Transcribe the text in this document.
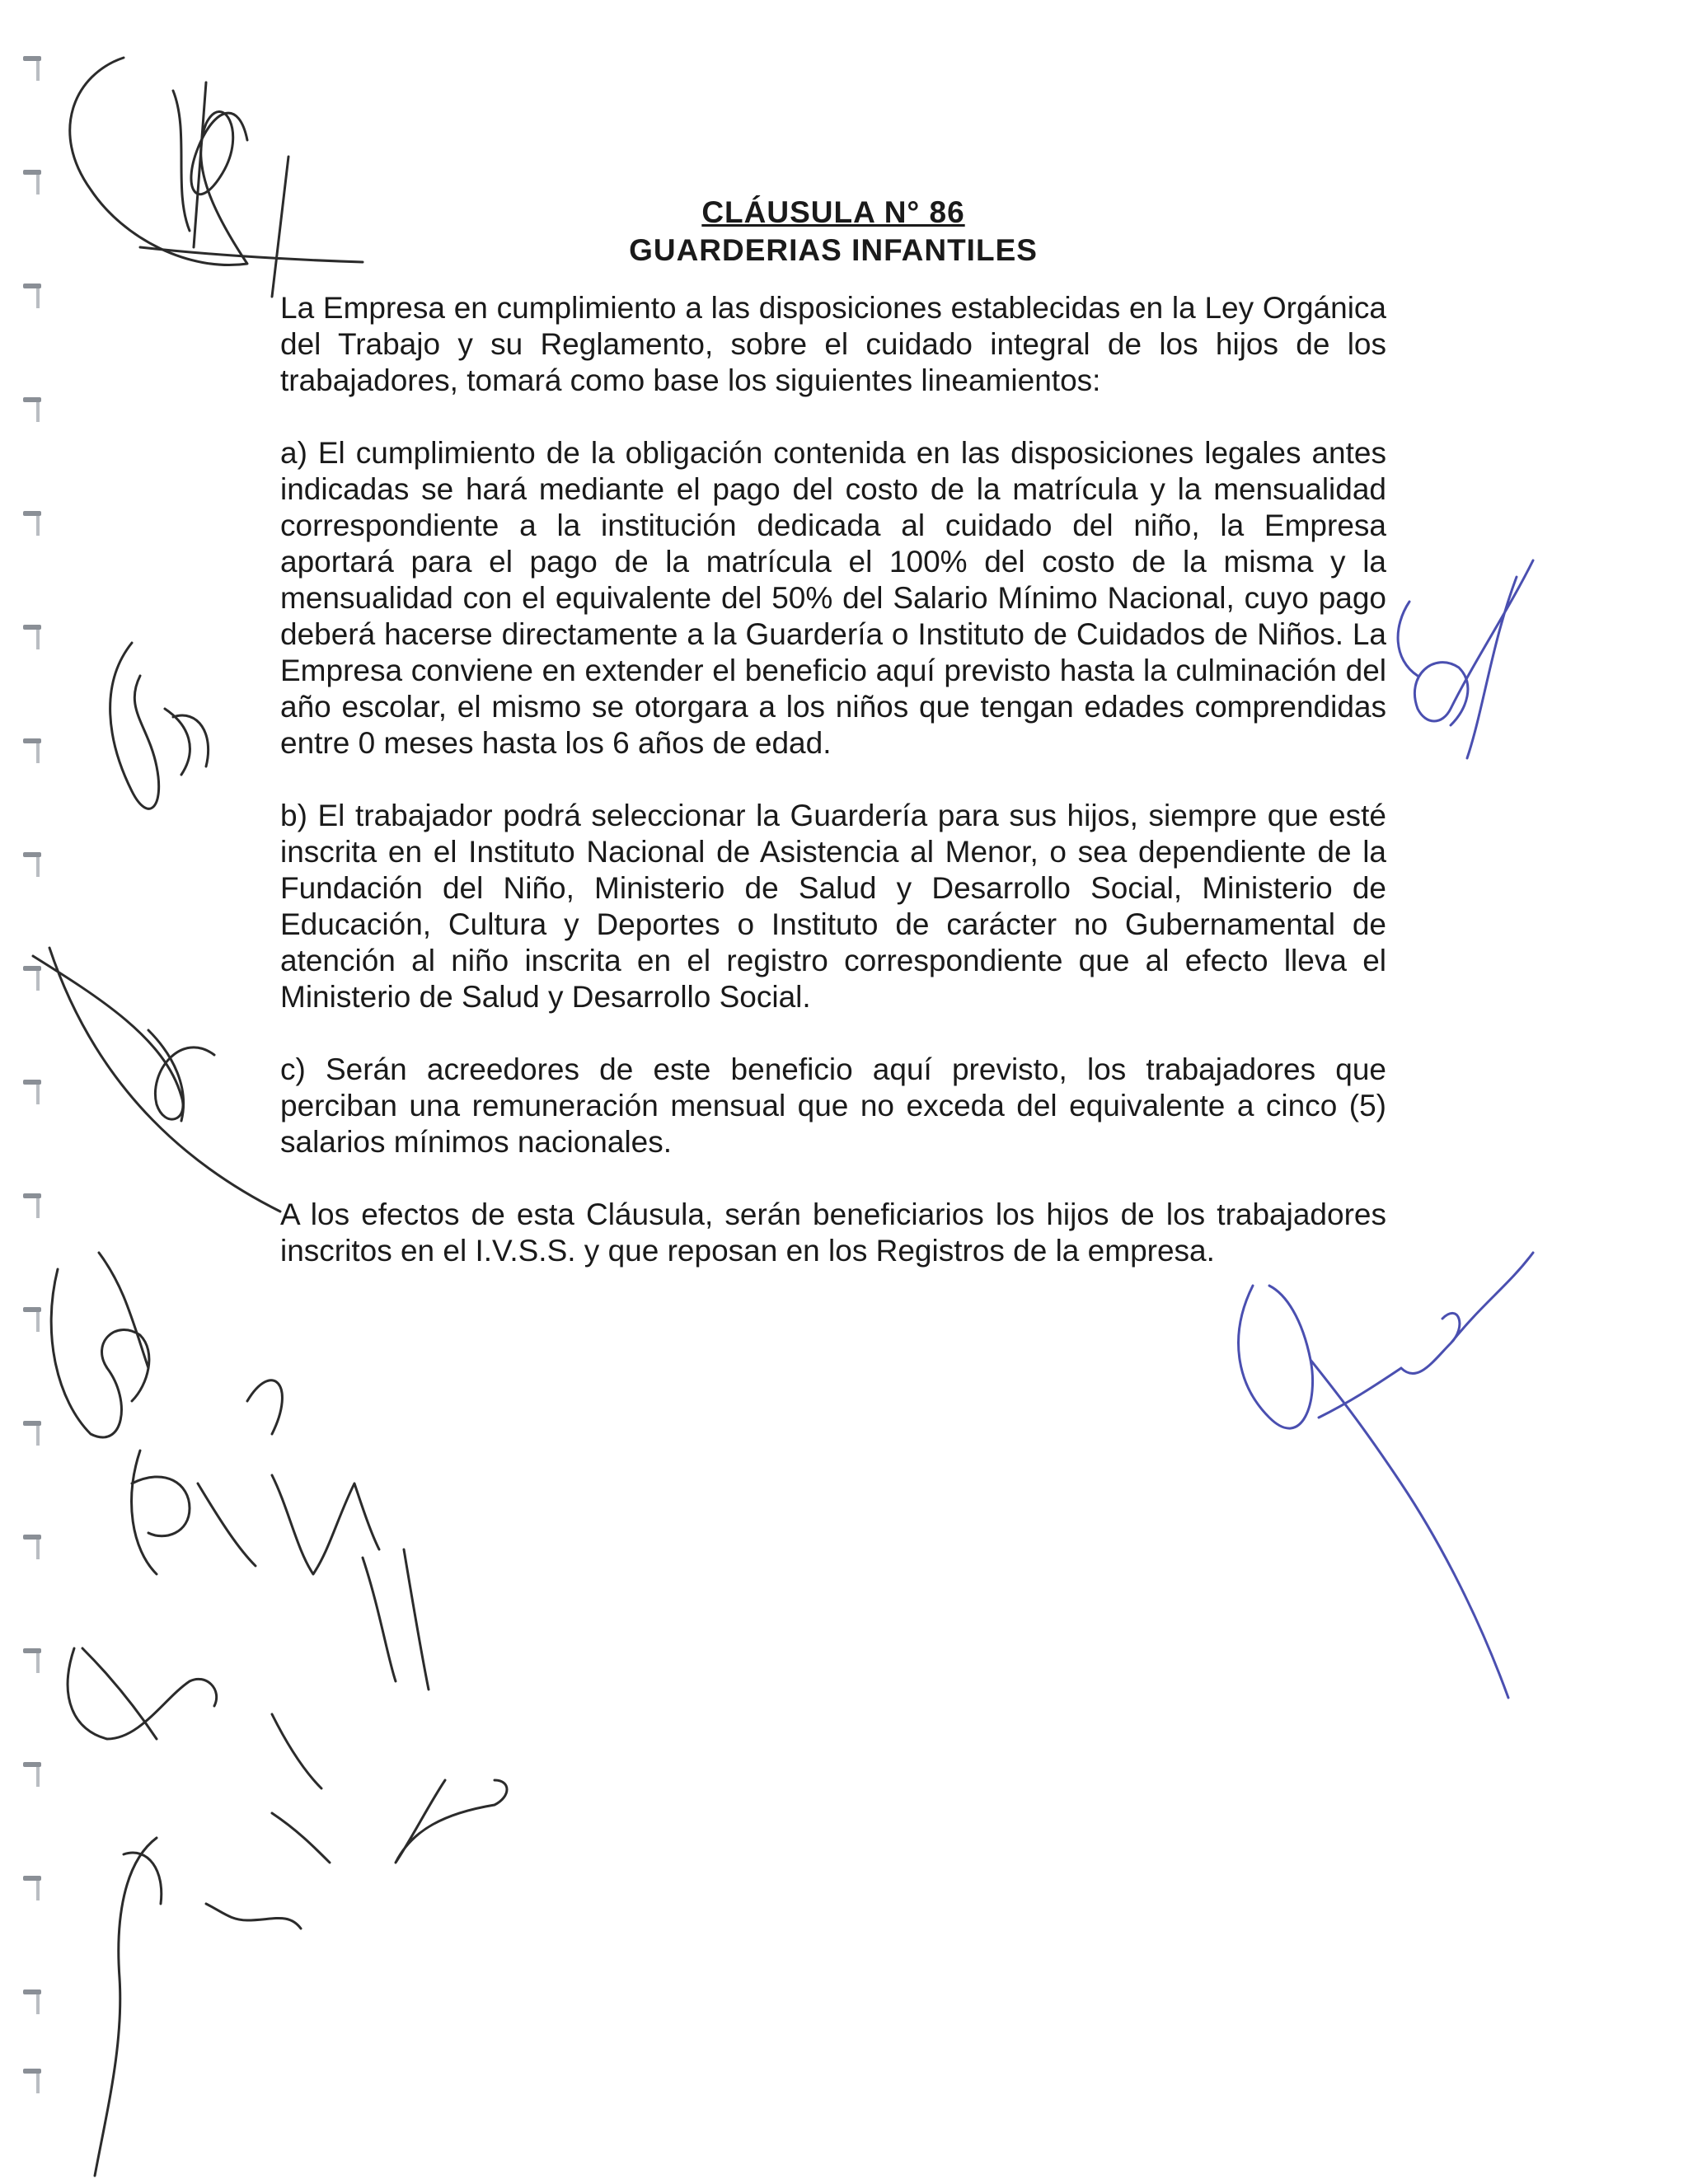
CLÁUSULA N° 86
GUARDERIAS INFANTILES

La Empresa en cumplimiento a las disposiciones establecidas en la Ley Orgánica del Trabajo y su Reglamento, sobre el cuidado integral de los hijos de los trabajadores, tomará como base los siguientes lineamientos:

a) El cumplimiento de la obligación contenida en las disposiciones legales antes indicadas se hará mediante el pago del costo de la matrícula y la mensualidad correspondiente a la institución dedicada al cuidado del niño, la Empresa aportará para el pago de la matrícula el 100% del costo de la misma y la mensualidad con el equivalente del 50% del Salario Mínimo Nacional, cuyo pago deberá hacerse directamente a la Guardería o Instituto de Cuidados de Niños. La Empresa conviene en extender el beneficio aquí previsto hasta la culminación del año escolar, el mismo se otorgara a los niños que tengan edades comprendidas entre 0 meses hasta los 6 años de edad.

b) El trabajador podrá seleccionar la Guardería para sus hijos, siempre que esté inscrita en el Instituto Nacional de Asistencia al Menor, o sea dependiente de la Fundación del Niño, Ministerio de Salud y Desarrollo Social, Ministerio de Educación, Cultura y Deportes o Instituto de carácter no Gubernamental de atención al niño inscrita en el registro correspondiente que al efecto lleva el Ministerio de Salud y Desarrollo Social.

c) Serán acreedores de este beneficio aquí previsto, los trabajadores que perciban una remuneración mensual que no exceda del equivalente a cinco (5) salarios mínimos nacionales.

A los efectos de esta Cláusula, serán beneficiarios los hijos de los trabajadores inscritos en el I.V.S.S. y que reposan en los Registros de la empresa.
